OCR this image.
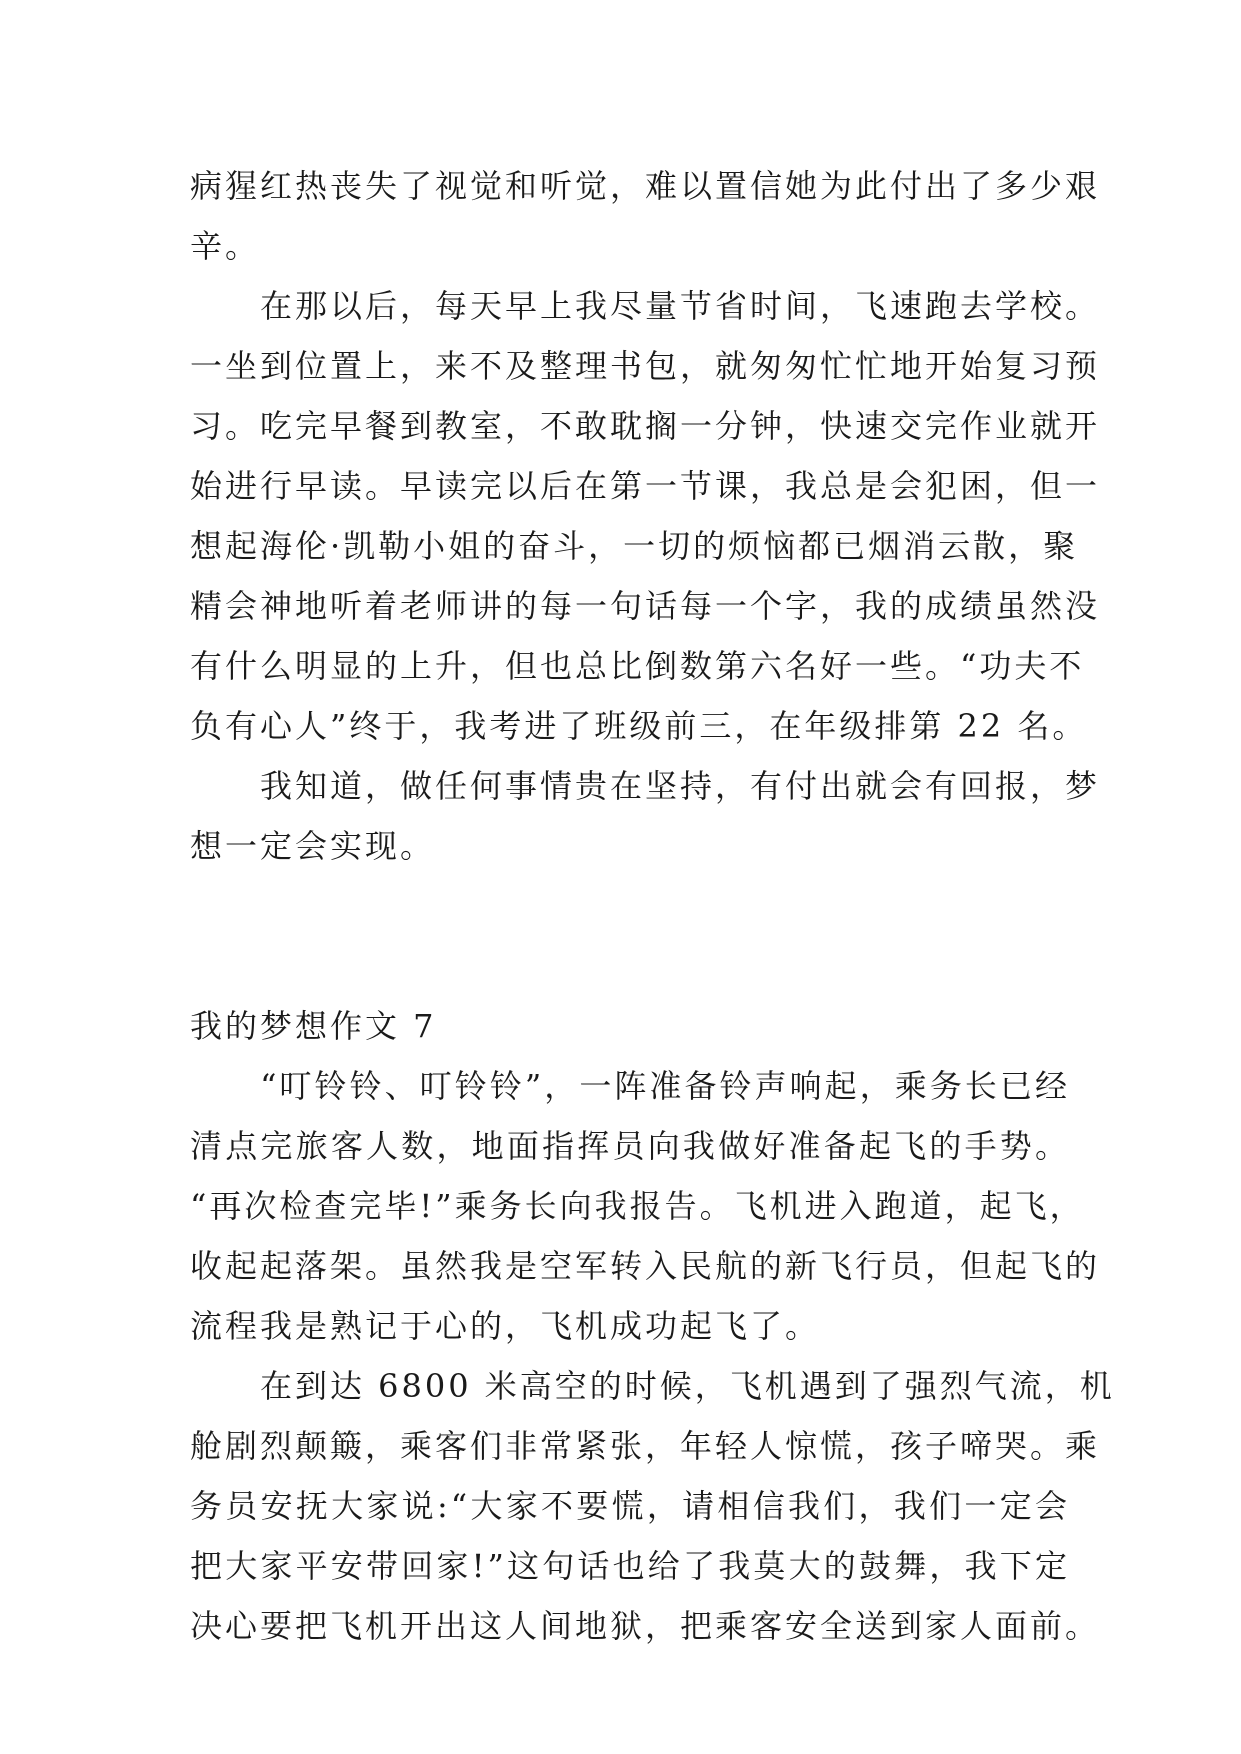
病猩红热丧失了视觉和听觉，难以置信她为此付出了多少艰
辛。
　　在那以后，每天早上我尽量节省时间，飞速跑去学校。
一坐到位置上，来不及整理书包，就匆匆忙忙地开始复习预
习。吃完早餐到教室，不敢耽搁一分钟，快速交完作业就开
始进行早读。早读完以后在第一节课，我总是会犯困，但一
想起海伦·凯勒小姐的奋斗，一切的烦恼都已烟消云散，聚
精会神地听着老师讲的每一句话每一个字，我的成绩虽然没
有什么明显的上升，但也总比倒数第六名好一些。“功夫不
负有心人”终于，我考进了班级前三，在年级排第 22 名。
　　我知道，做任何事情贵在坚持，有付出就会有回报，梦
想一定会实现。
我的梦想作文 7
　　“叮铃铃、叮铃铃”，一阵准备铃声响起，乘务长已经
清点完旅客人数，地面指挥员向我做好准备起飞的手势。
“再次检查完毕!”乘务长向我报告。飞机进入跑道，起飞，
收起起落架。虽然我是空军转入民航的新飞行员，但起飞的
流程我是熟记于心的，飞机成功起飞了。
　　在到达 6800 米高空的时候，飞机遇到了强烈气流，机
舱剧烈颠簸，乘客们非常紧张，年轻人惊慌，孩子啼哭。乘
务员安抚大家说:“大家不要慌，请相信我们，我们一定会
把大家平安带回家!”这句话也给了我莫大的鼓舞，我下定
决心要把飞机开出这人间地狱，把乘客安全送到家人面前。
